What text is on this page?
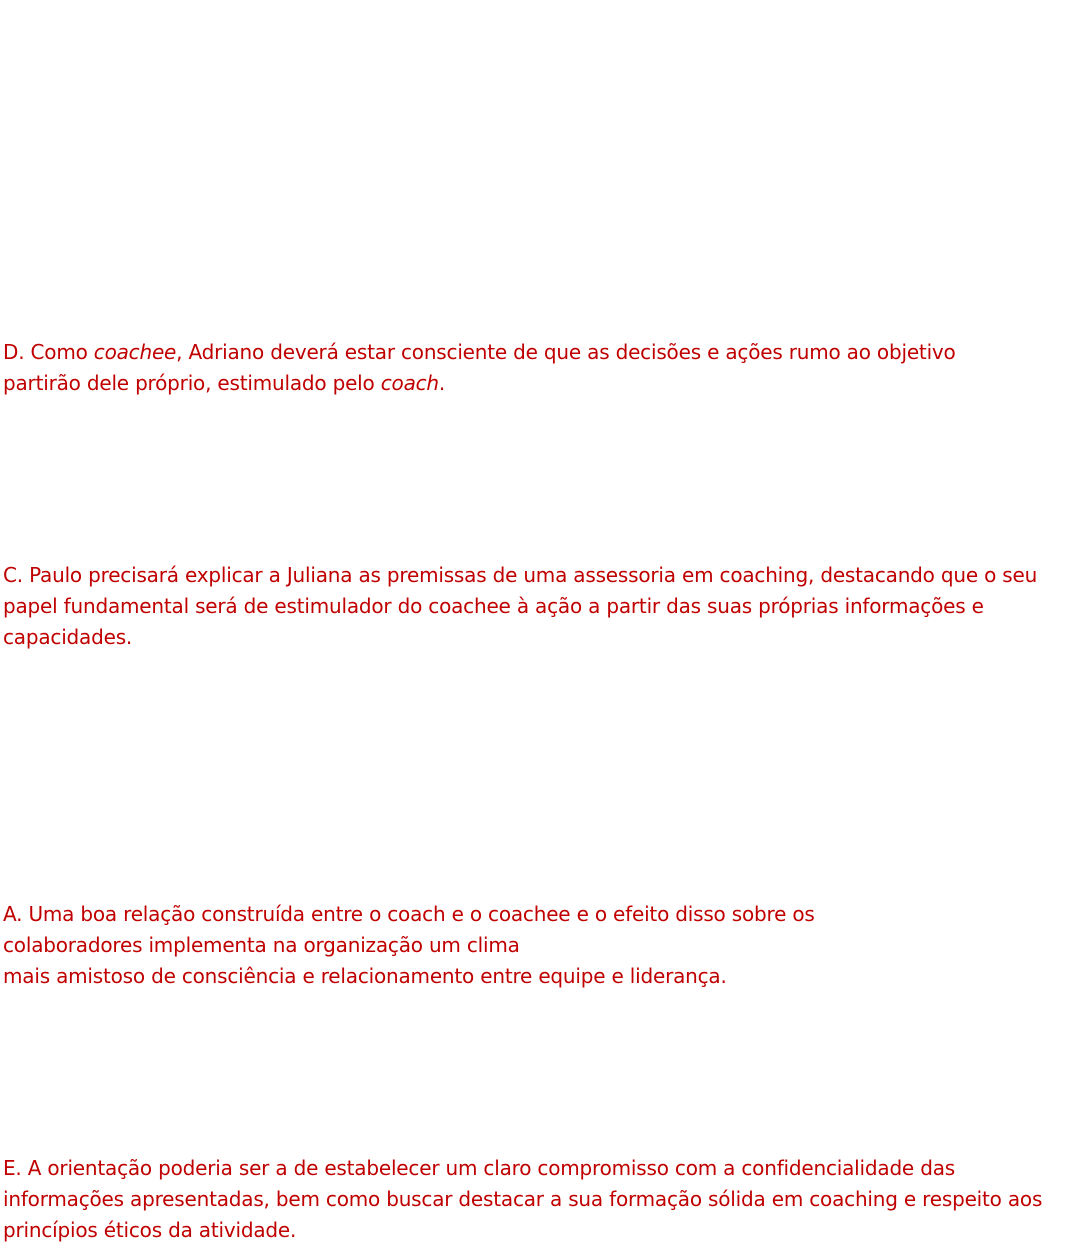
D. Como coachee, Adriano deverá estar consciente de que as decisões e ações rumo ao objetivo
partirão dele próprio, estimulado pelo coach.

C. Paulo precisará explicar a Juliana as premissas de uma assessoria em coaching, destacando que o seu papel fundamental será de estimulador do coachee à ação a partir das suas próprias informações e capacidades.

A. Uma boa relação construída entre o coach e o coachee e o efeito disso sobre os
colaboradores implementa na organização um clima
mais amistoso de consciência e relacionamento entre equipe e liderança.

E. A orientação poderia ser a de estabelecer um claro compromisso com a confidencialidade das informações apresentadas, bem como buscar destacar a sua formação sólida em coaching e respeito aos princípios éticos da atividade.
